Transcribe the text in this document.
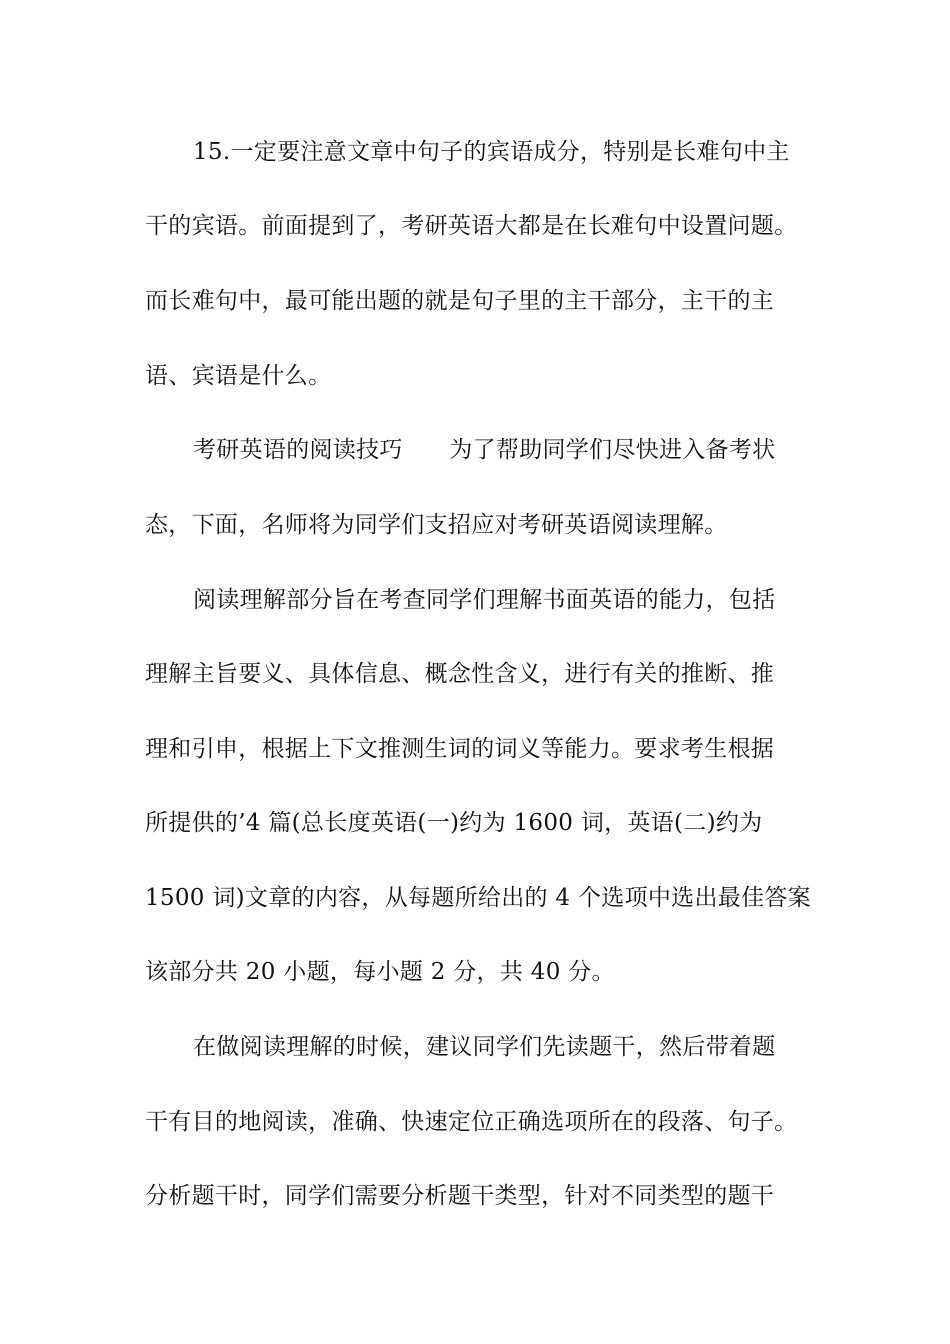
15.一定要注意文章中句子的宾语成分，特别是长难句中主

干的宾语。前面提到了，考研英语大都是在长难句中设置问题。

而长难句中，最可能出题的就是句子里的主干部分，主干的主

语、宾语是什么。

考研英语的阅读技巧　　为了帮助同学们尽快进入备考状

态，下面，名师将为同学们支招应对考研英语阅读理解。

阅读理解部分旨在考查同学们理解书面英语的能力，包括

理解主旨要义、具体信息、概念性含义，进行有关的推断、推

理和引申，根据上下文推测生词的词义等能力。要求考生根据

所提供的’4 篇(总长度英语(一)约为 1600 词，英语(二)约为

1500 词)文章的内容，从每题所给出的 4 个选项中选出最佳答案

该部分共 20 小题，每小题 2 分，共 40 分。

在做阅读理解的时候，建议同学们先读题干，然后带着题

干有目的地阅读，准确、快速定位正确选项所在的段落、句子。

分析题干时，同学们需要分析题干类型，针对不同类型的题干
